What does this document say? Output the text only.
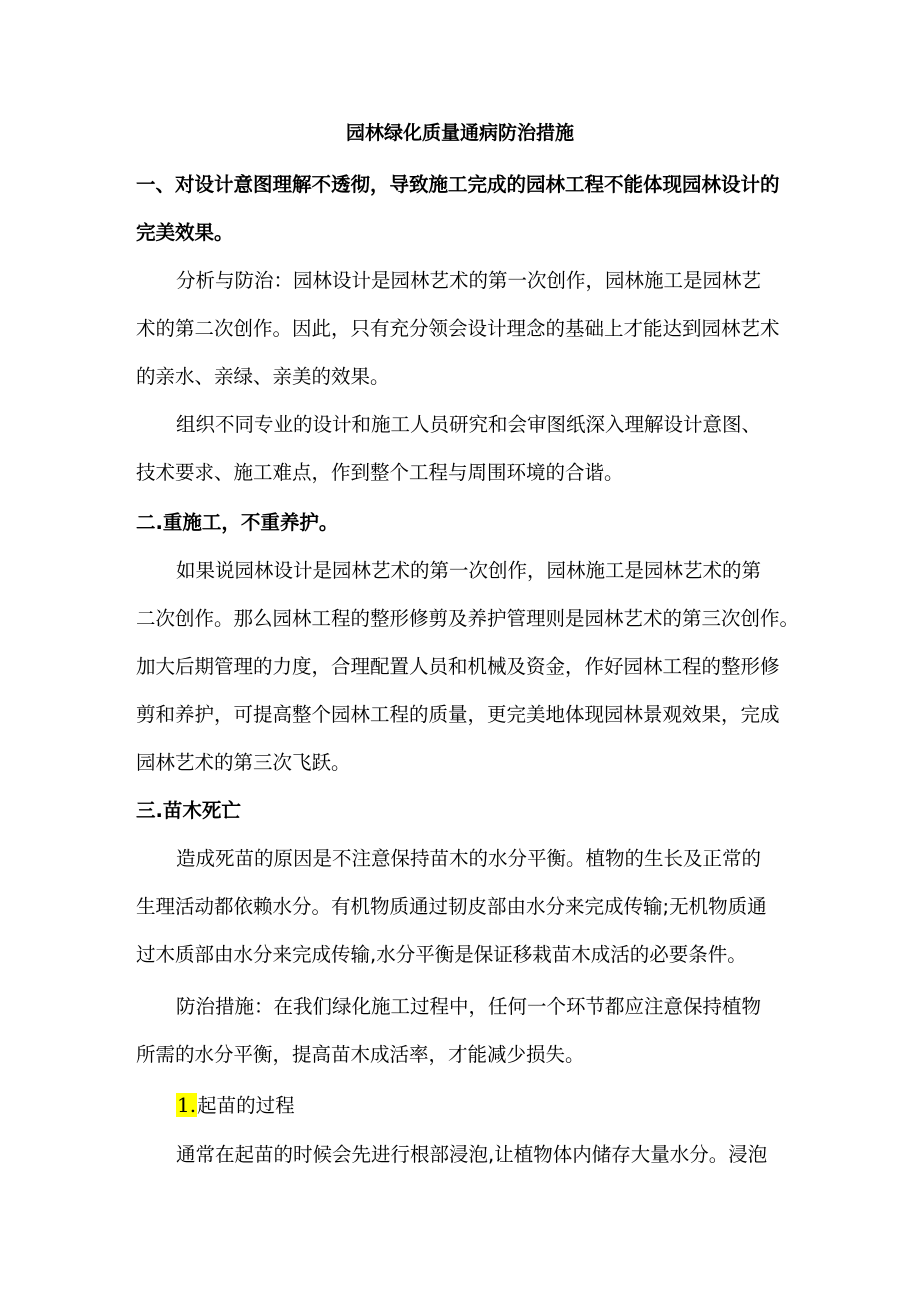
园林绿化质量通病防治措施
一、对设计意图理解不透彻，导致施工完成的园林工程不能体现园林设计的
完美效果。
分析与防治：园林设计是园林艺术的第一次创作，园林施工是园林艺
术的第二次创作。因此，只有充分领会设计理念的基础上才能达到园林艺术
的亲水、亲绿、亲美的效果。
组织不同专业的设计和施工人员研究和会审图纸深入理解设计意图、
技术要求、施工难点，作到整个工程与周围环境的合谐。
二.重施工，不重养护。
如果说园林设计是园林艺术的第一次创作，园林施工是园林艺术的第
二次创作。那么园林工程的整形修剪及养护管理则是园林艺术的第三次创作。
加大后期管理的力度，合理配置人员和机械及资金，作好园林工程的整形修
剪和养护，可提高整个园林工程的质量，更完美地体现园林景观效果，完成
园林艺术的第三次飞跃。
三.苗木死亡
造成死苗的原因是不注意保持苗木的水分平衡。植物的生长及正常的
生理活动都依赖水分。有机物质通过韧皮部由水分来完成传输;无机物质通
过木质部由水分来完成传输,水分平衡是保证移栽苗木成活的必要条件。
防治措施：在我们绿化施工过程中，任何一个环节都应注意保持植物
所需的水分平衡，提高苗木成活率，才能减少损失。
1.起苗的过程
通常在起苗的时候会先进行根部浸泡,让植物体内储存大量水分。浸泡
